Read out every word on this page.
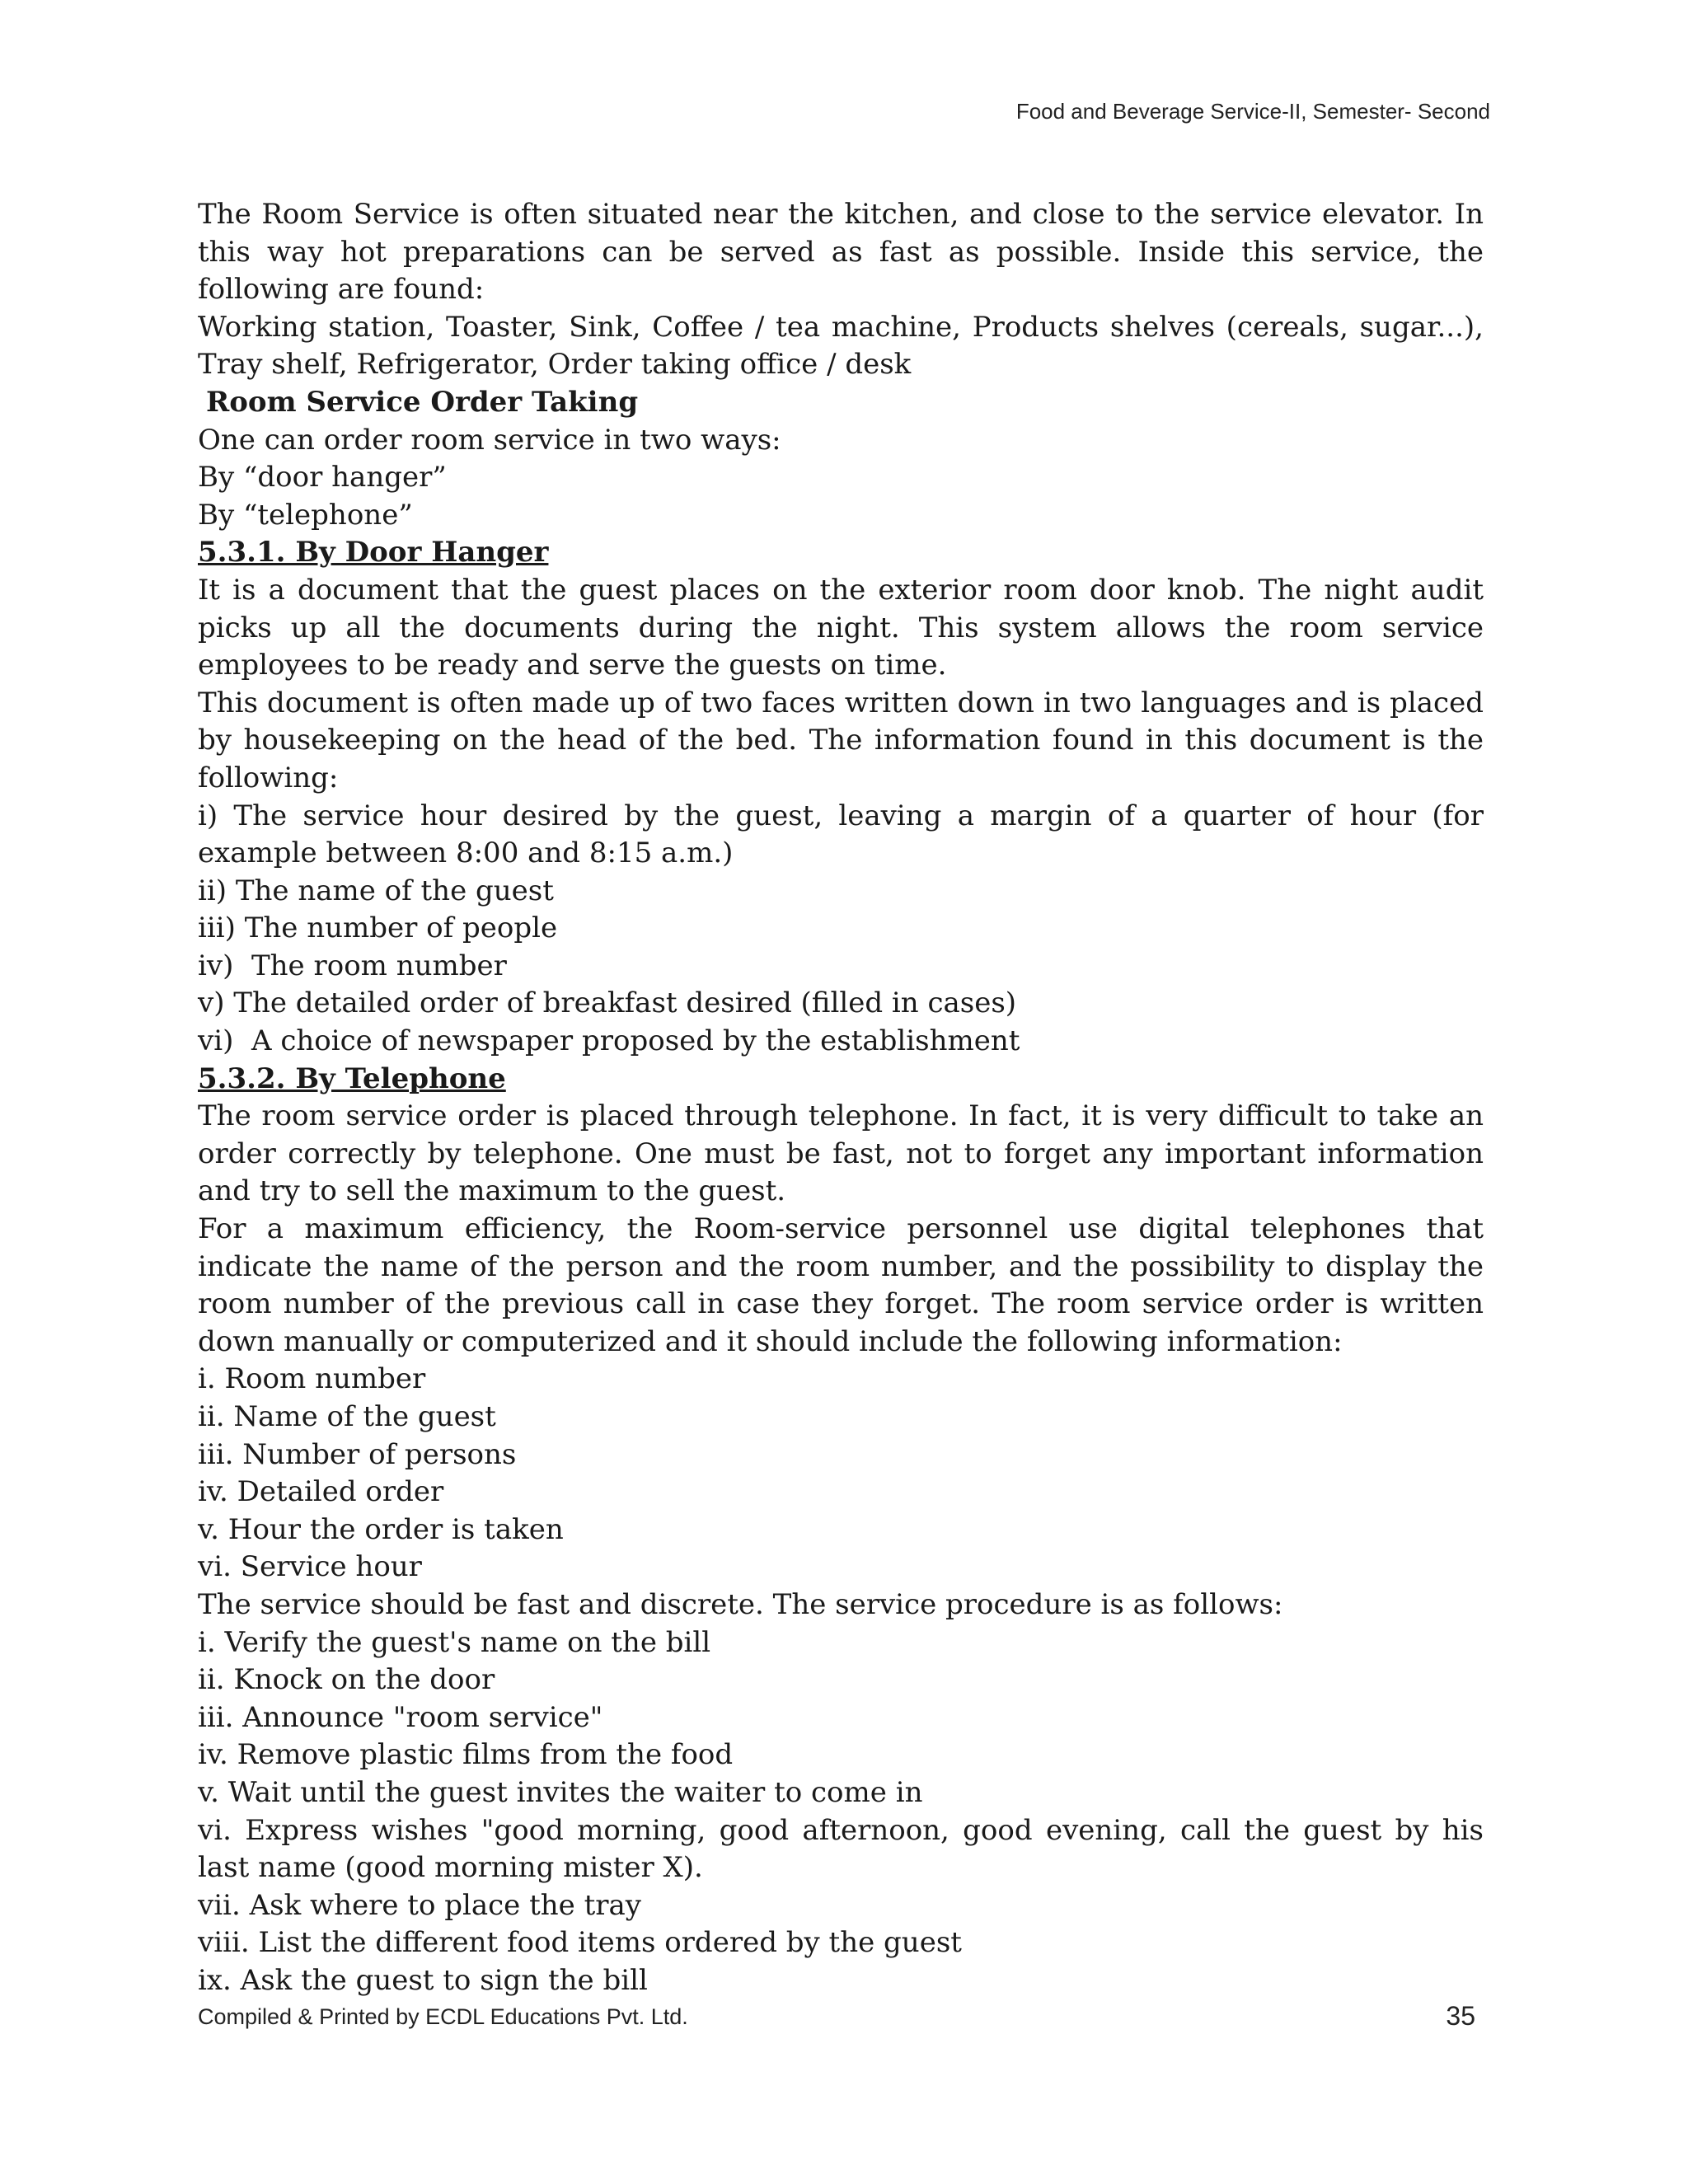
Food and Beverage Service-II, Semester- Second

The Room Service is often situated near the kitchen, and close to the service elevator. In this way hot preparations can be served as fast as possible. Inside this service, the following are found:

Working station, Toaster, Sink, Coffee / tea machine, Products shelves (cereals, sugar...), Tray shelf, Refrigerator, Order taking office / desk

Room Service Order Taking

One can order room service in two ways:

By “door hanger”

By “telephone”

5.3.1. By Door Hanger

It is a document that the guest places on the exterior room door knob. The night audit picks up all the documents during the night. This system allows the room service employees to be ready and serve the guests on time.

This document is often made up of two faces written down in two languages and is placed by housekeeping on the head of the bed. The information found in this document is the following:

i) The service hour desired by the guest, leaving a margin of a quarter of hour (for example between 8:00 and 8:15 a.m.)

ii) The name of the guest

iii) The number of people

iv)  The room number

v) The detailed order of breakfast desired (filled in cases)

vi)  A choice of newspaper proposed by the establishment

5.3.2. By Telephone

The room service order is placed through telephone. In fact, it is very difficult to take an order correctly by telephone. One must be fast, not to forget any important information and try to sell the maximum to the guest.

For a maximum efficiency, the Room-service personnel use digital telephones that indicate the name of the person and the room number, and the possibility to display the room number of the previous call in case they forget. The room service order is written down manually or computerized and it should include the following information:

i. Room number

ii. Name of the guest

iii. Number of persons

iv. Detailed order

v. Hour the order is taken

vi. Service hour

The service should be fast and discrete. The service procedure is as follows:

i. Verify the guest's name on the bill

ii. Knock on the door

iii. Announce "room service"

iv. Remove plastic films from the food

v. Wait until the guest invites the waiter to come in

vi. Express wishes "good morning, good afternoon, good evening, call the guest by his last name (good morning mister X).

vii. Ask where to place the tray

viii. List the different food items ordered by the guest

ix. Ask the guest to sign the bill

Compiled & Printed by ECDL Educations Pvt. Ltd.	35
